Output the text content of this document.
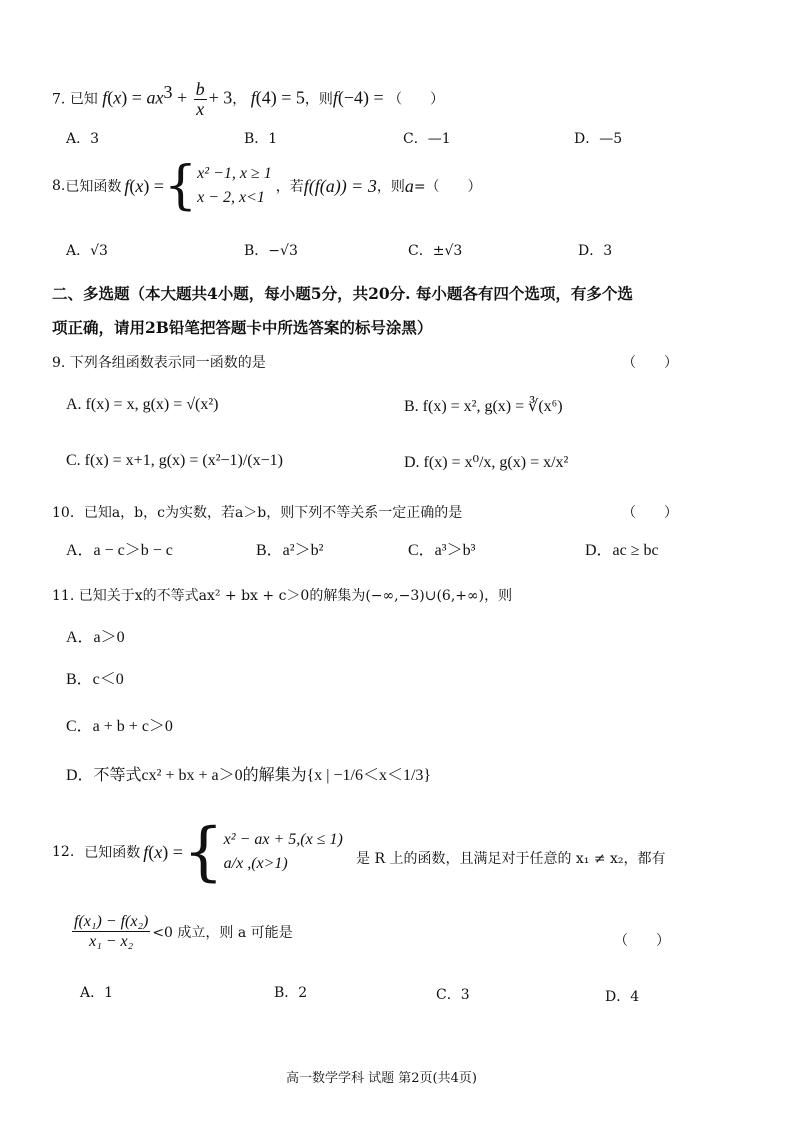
7. 已知 $f(x) = ax^3 + \frac{b}{x} + 3$， f(4) = 5，则f(−4) = （　　）
A．3	B．1	C．—1	D．—5
8. 已知函数 f ( x ) = { x² −1, x ≥ 1
x − 2, x<1
，若 f(f(a)) = 3 ，则 a =（　　）
A．√3	B．−√3	C．±√3	D．3
二、多选题（本大题共4小题，每小题5分，共20分. 每小题各有四个选项，有多个选
项正确，请用2B铅笔把答题卡中所选答案的标号涂黑）
9. 下列各组函数表示同一函数的是	（　　）
A. f(x) = x, g(x) = √(x²)	B. f(x) = x², g(x) = ∛(x⁶)
C. f(x) = x+1, g(x) = (x²−1)/(x−1)	D. f(x) = x⁰/x, g(x) = x/x²
10．已知a，b，c为实数，若a＞b，则下列不等关系一定正确的是	（　　）
A．a − c＞b − c	B．a²＞b²	C．a³＞b³	D．ac ≥ bc
11. 已知关于x的不等式ax² + bx + c＞0的解集为(−∞,−3)∪(6,+∞)，则
A．a＞0
B．c＜0
C．a + b + c＞0
D．不等式cx² + bx + a＞0的解集为{x | −1/6＜x＜1/3}
12. 已知函数 f ( x ) = { x² − ax + 5,(x ≤ 1)
a/x ,(x>1)	是 R 上的函数，且满足对于任意的 x₁ ≠ x₂，都有
$\frac{\text{f(x₁) − f(x₂)}}{\text{x₁ − x₂}} <0$ 成立，则 a 可能是
（　　）
A．1	B．2	C．3	D．4
高一数学学科 试题 第2页(共4页)
